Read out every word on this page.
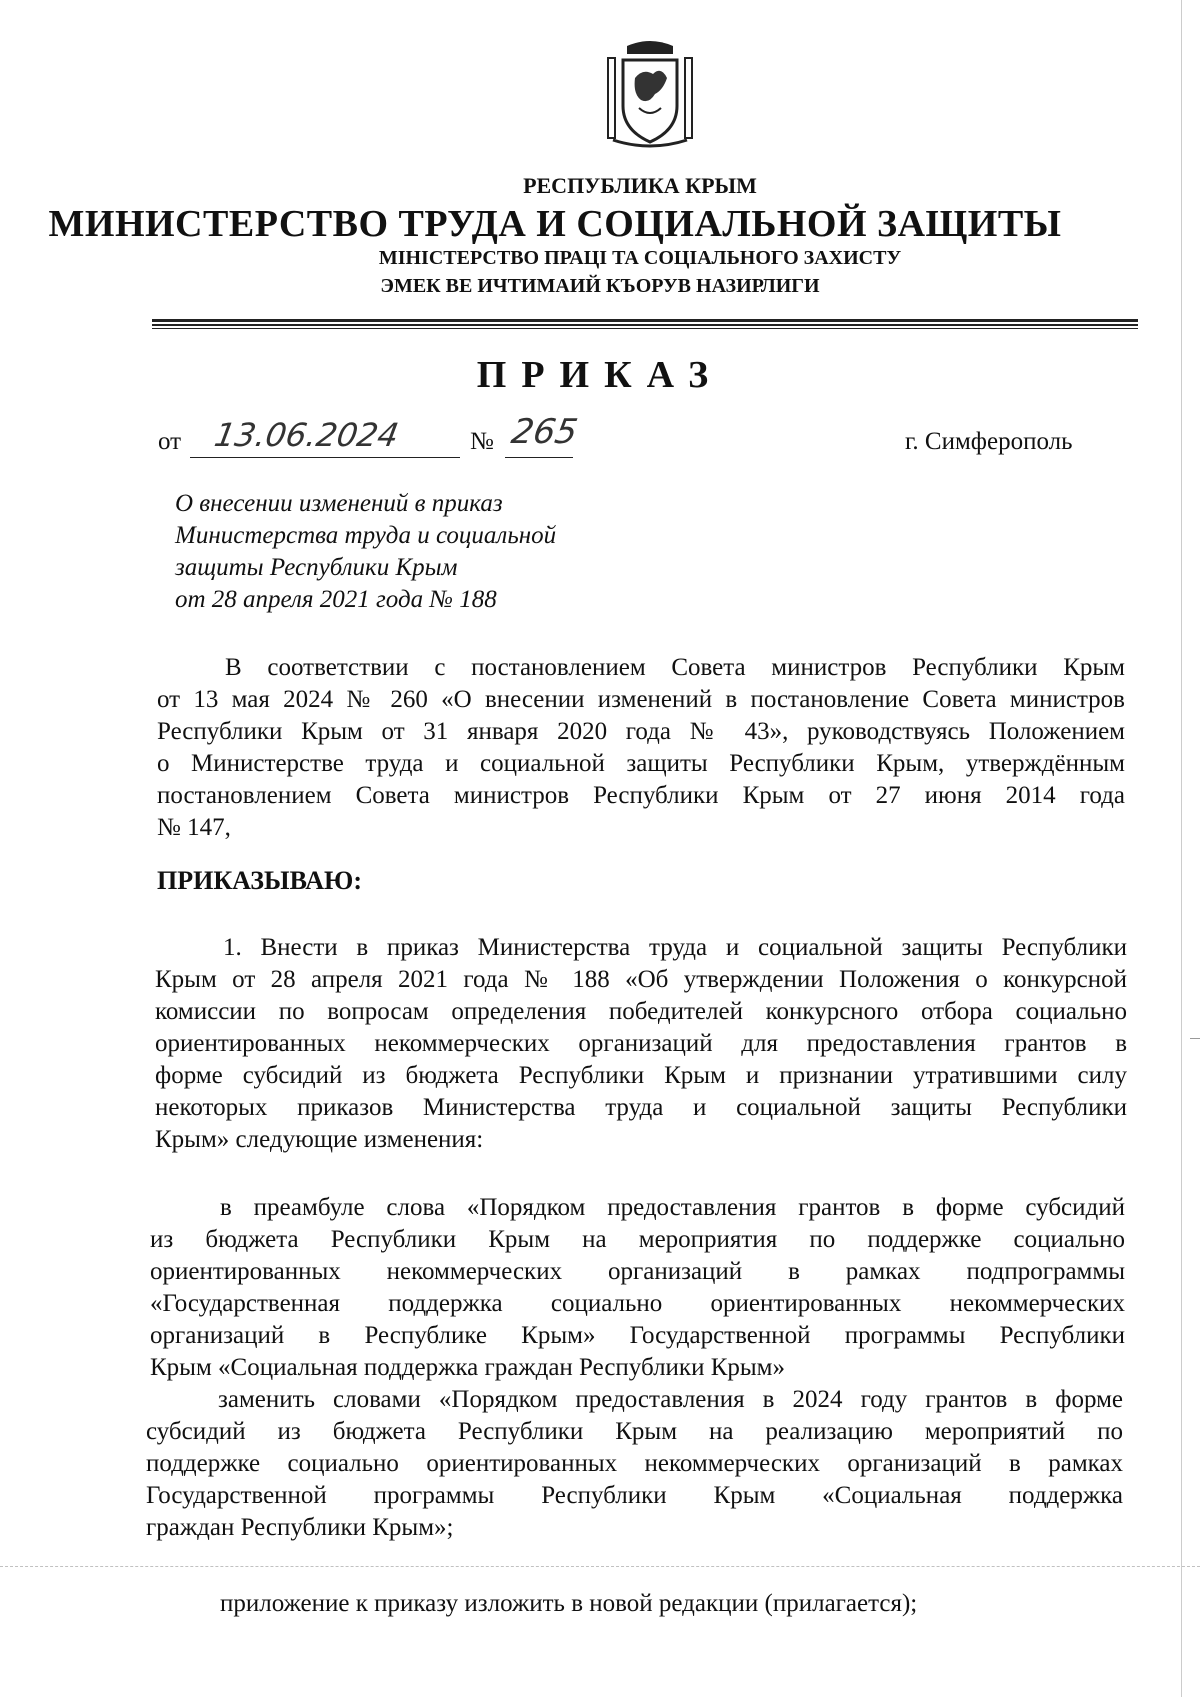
РЕСПУБЛИКА КРЫМ
МИНИСТЕРСТВО ТРУДА И СОЦИАЛЬНОЙ ЗАЩИТЫ
МІНІСТЕРСТВО ПРАЦІ ТА СОЦІАЛЬНОГО ЗАХИСТУ
ЭМЕК ВЕ ИЧТИМАИЙ КЪОРУВ НАЗИРЛИГИ
ПРИКАЗ
от 13.06.2024	№ 265	г. Симферополь
О внесении изменений в приказ
Министерства труда и социальной
защиты Республики Крым
от 28 апреля 2021 года № 188
В соответствии с постановлением Совета министров Республики Крым
от 13 мая 2024 № 260 «О внесении изменений в постановление Совета министров
Республики Крым от 31 января 2020 года № 43», руководствуясь Положением
о Министерстве труда и социальной защиты Республики Крым, утверждённым
постановлением Совета министров Республики Крым от 27 июня 2014 года
№ 147,
ПРИКАЗЫВАЮ:
1. Внести в приказ Министерства труда и социальной защиты Республики
Крым от 28 апреля 2021 года № 188 «Об утверждении Положения о конкурсной
комиссии по вопросам определения победителей конкурсного отбора социально
ориентированных некоммерческих организаций для предоставления грантов в
форме субсидий из бюджета Республики Крым и признании утратившими силу
некоторых приказов Министерства труда и социальной защиты Республики
Крым» следующие изменения:
в преамбуле слова «Порядком предоставления грантов в форме субсидий
из бюджета Республики Крым на мероприятия по поддержке социально
ориентированных некоммерческих организаций в рамках подпрограммы
«Государственная поддержка социально ориентированных некоммерческих
организаций в Республике Крым» Государственной программы Республики
Крым «Социальная поддержка граждан Республики Крым»
заменить словами «Порядком предоставления в 2024 году грантов в форме
субсидий из бюджета Республики Крым на реализацию мероприятий по
поддержке социально ориентированных некоммерческих организаций в рамках
Государственной программы Республики Крым «Социальная поддержка
граждан Республики Крым»;
приложение к приказу изложить в новой редакции (прилагается);
